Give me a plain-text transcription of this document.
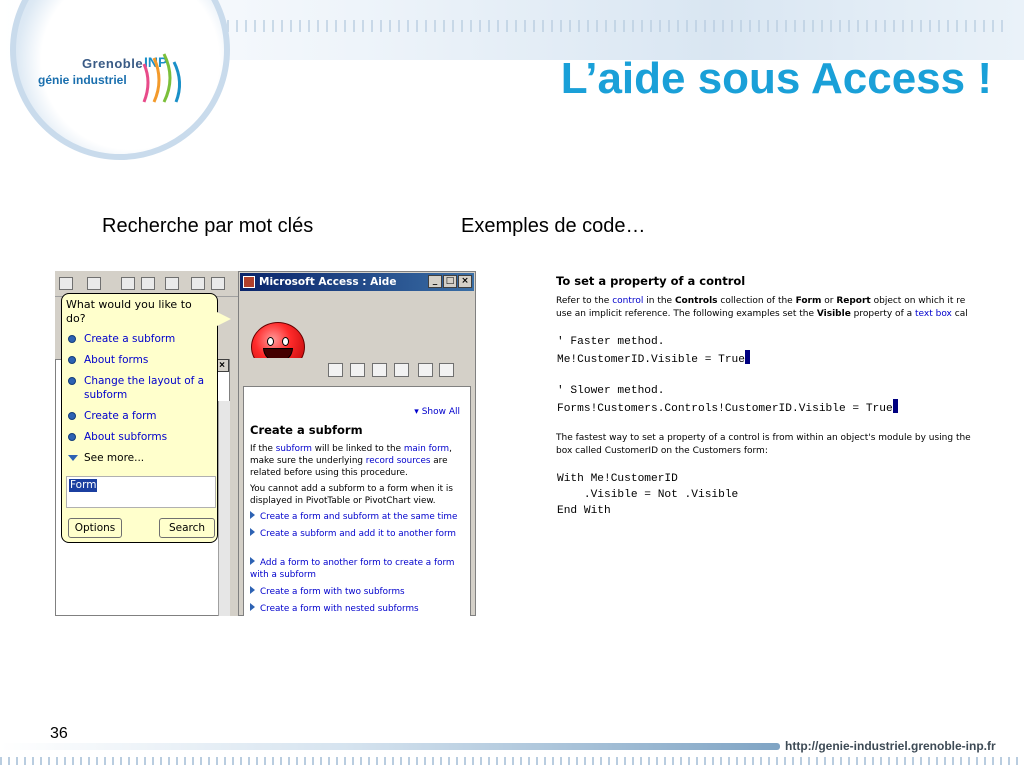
Grenoble INP
génie industriel	L’aide sous Access !
Recherche par mot clés	Exemples de code…
×
What would you like to do?
Create a subform
About forms
Change the layout of a subform
Create a form
About subforms
See more...
Form
Options	Search
Microsoft Access : Aide	_ □ ×
▾ Show All
Create a subform
If the subform will be linked to the main form, make sure the underlying record sources are related before using this procedure.
You cannot add a subform to a form when it is displayed in PivotTable or PivotChart view.
Create a form and subform at the same time
Create a subform and add it to another form
Add a form to another form to create a form with a subform
Create a form with two subforms
Create a form with nested subforms
To set a property of a control
Refer to the control in the Controls collection of the Form or Report object on which it re
use an implicit reference. The following examples set the Visible property of a text box cal
' Faster method.
Me!CustomerID.Visible = True
' Slower method.
Forms!Customers.Controls!CustomerID.Visible = True
The fastest way to set a property of a control is from within an object's module by using the
box called CustomerID on the Customers form:
With Me!CustomerID
.Visible = Not .Visible
End With
36
http://genie-industriel.grenoble-inp.fr
